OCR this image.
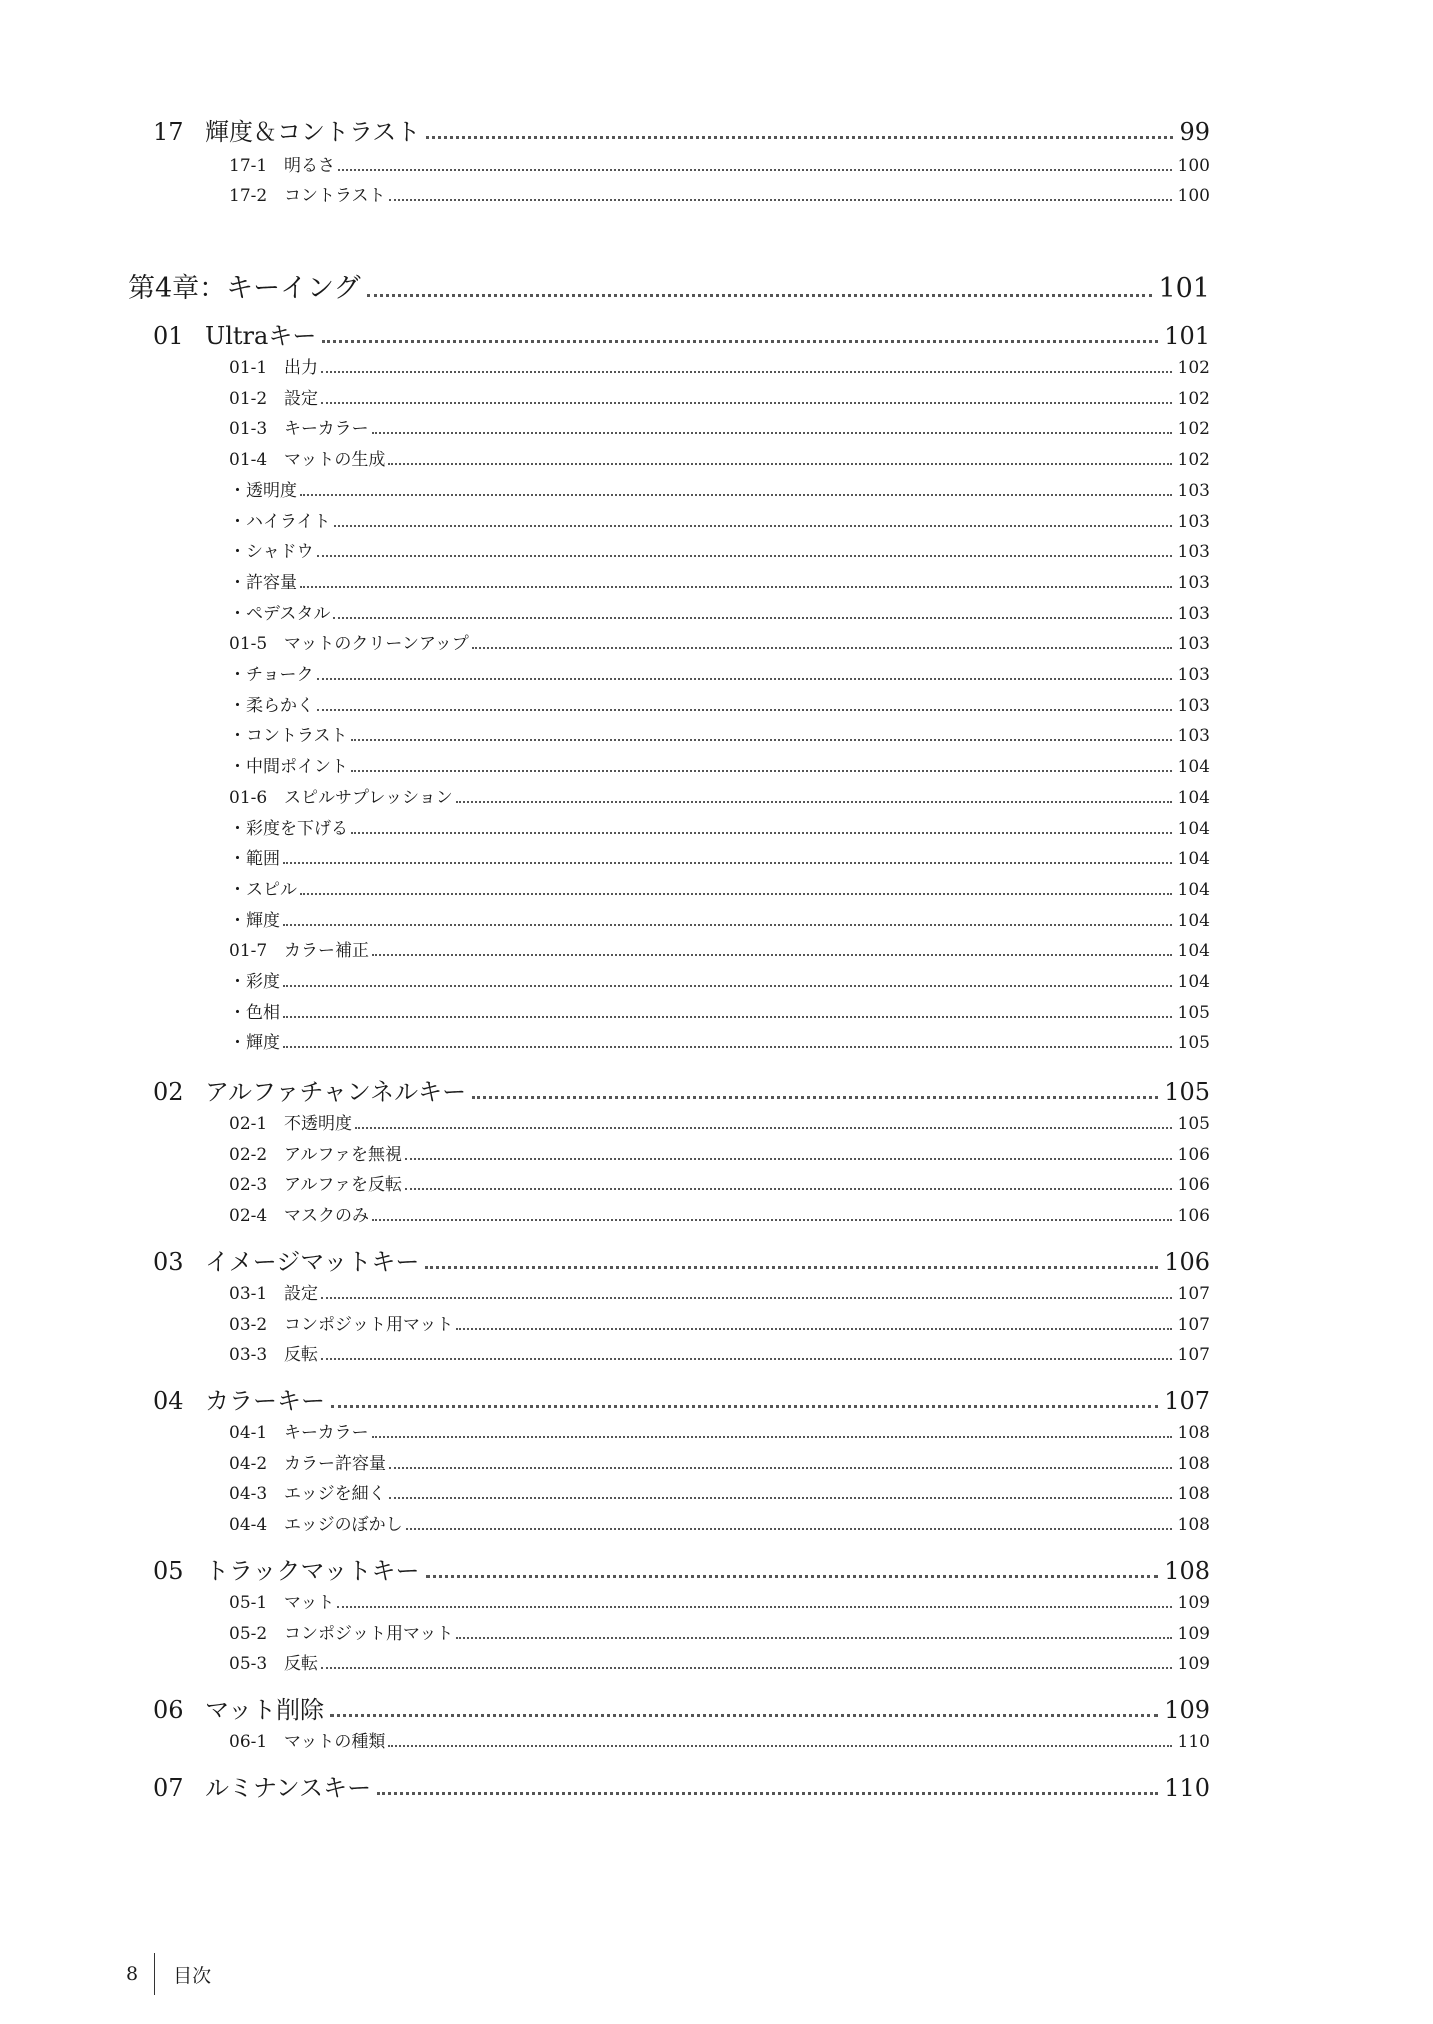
17 輝度＆コントラスト	99
17-1 明るさ	100
17-2 コントラスト	100
第4章：キーイング	101
01 Ultraキー	101
01-1 出力	102
01-2 設定	102
01-3 キーカラー	102
01-4 マットの生成	102
・透明度	103
・ハイライト	103
・シャドウ	103
・許容量	103
・ペデスタル	103
01-5 マットのクリーンアップ	103
・チョーク	103
・柔らかく	103
・コントラスト	103
・中間ポイント	104
01-6 スピルサプレッション	104
・彩度を下げる	104
・範囲	104
・スピル	104
・輝度	104
01-7 カラー補正	104
・彩度	104
・色相	105
・輝度	105
02 アルファチャンネルキー	105
02-1 不透明度	105
02-2 アルファを無視	106
02-3 アルファを反転	106
02-4 マスクのみ	106
03 イメージマットキー	106
03-1 設定	107
03-2 コンポジット用マット	107
03-3 反転	107
04 カラーキー	107
04-1 キーカラー	108
04-2 カラー許容量	108
04-3 エッジを細く	108
04-4 エッジのぼかし	108
05 トラックマットキー	108
05-1 マット	109
05-2 コンポジット用マット	109
05-3 反転	109
06 マット削除	109
06-1 マットの種類	110
07 ルミナンスキー	110
8 目次
